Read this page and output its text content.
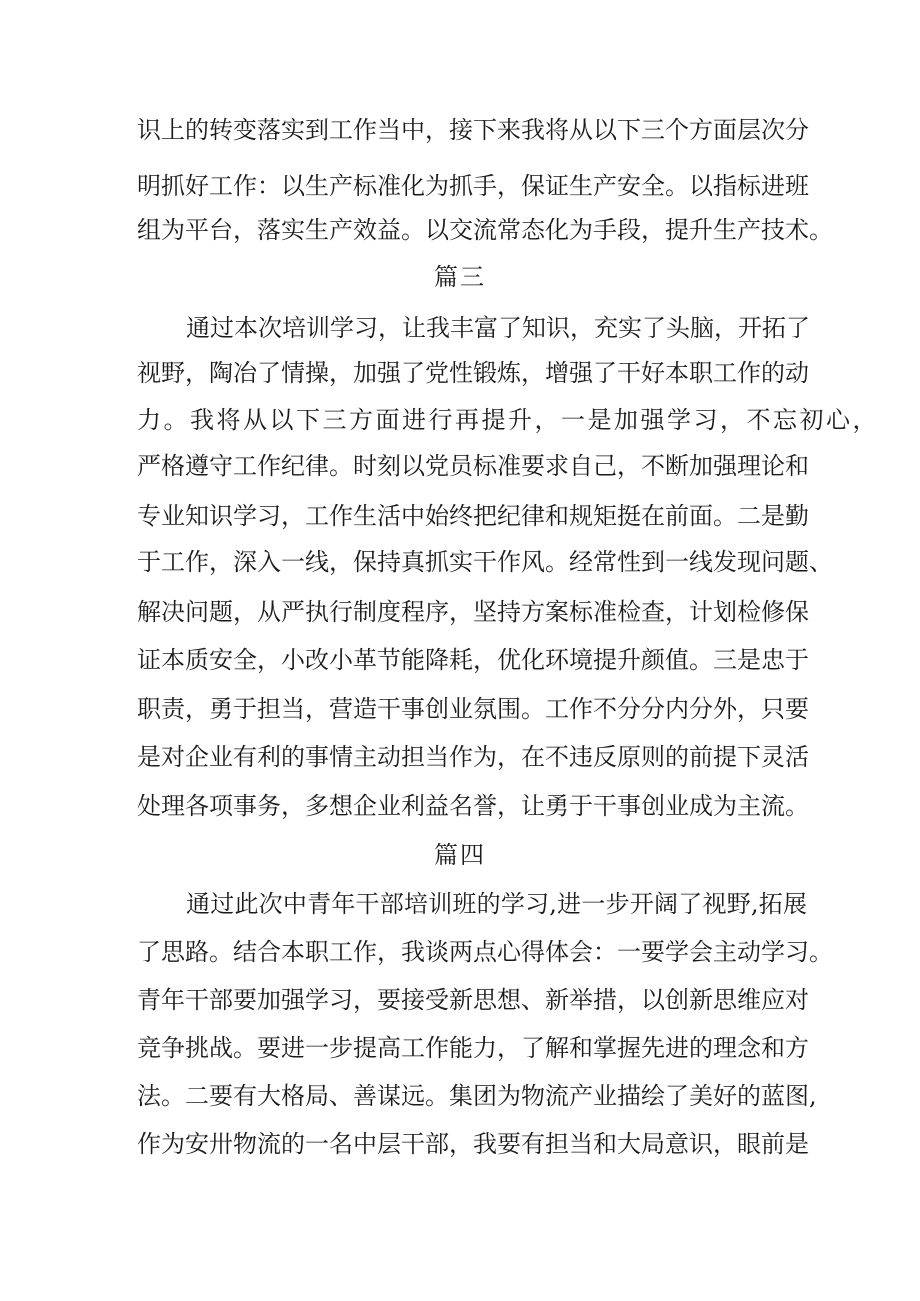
识上的转变落实到工作当中，接下来我将从以下三个方面层次分
明抓好工作：以生产标准化为抓手，保证生产安全。以指标进班
组为平台，落实生产效益。以交流常态化为手段，提升生产技术。
篇三
通过本次培训学习，让我丰富了知识，充实了头脑，开拓了
视野，陶冶了情操，加强了党性锻炼，增强了干好本职工作的动
力。我将从以下三方面进行再提升，一是加强学习，不忘初心，
严格遵守工作纪律。时刻以党员标准要求自己，不断加强理论和
专业知识学习，工作生活中始终把纪律和规矩挺在前面。二是勤
于工作，深入一线，保持真抓实干作风。经常性到一线发现问题、
解决问题，从严执行制度程序，坚持方案标准检查，计划检修保
证本质安全，小改小革节能降耗，优化环境提升颜值。三是忠于
职责，勇于担当，营造干事创业氛围。工作不分分内分外，只要
是对企业有利的事情主动担当作为，在不违反原则的前提下灵活
处理各项事务，多想企业利益名誉，让勇于干事创业成为主流。
篇四
通过此次中青年干部培训班的学习,进一步开阔了视野,拓展
了思路。结合本职工作，我谈两点心得体会：一要学会主动学习。
青年干部要加强学习，要接受新思想、新举措，以创新思维应对
竞争挑战。要进一步提高工作能力，了解和掌握先进的理念和方
法。二要有大格局、善谋远。集团为物流产业描绘了美好的蓝图,
作为安卅物流的一名中层干部，我要有担当和大局意识，眼前是
